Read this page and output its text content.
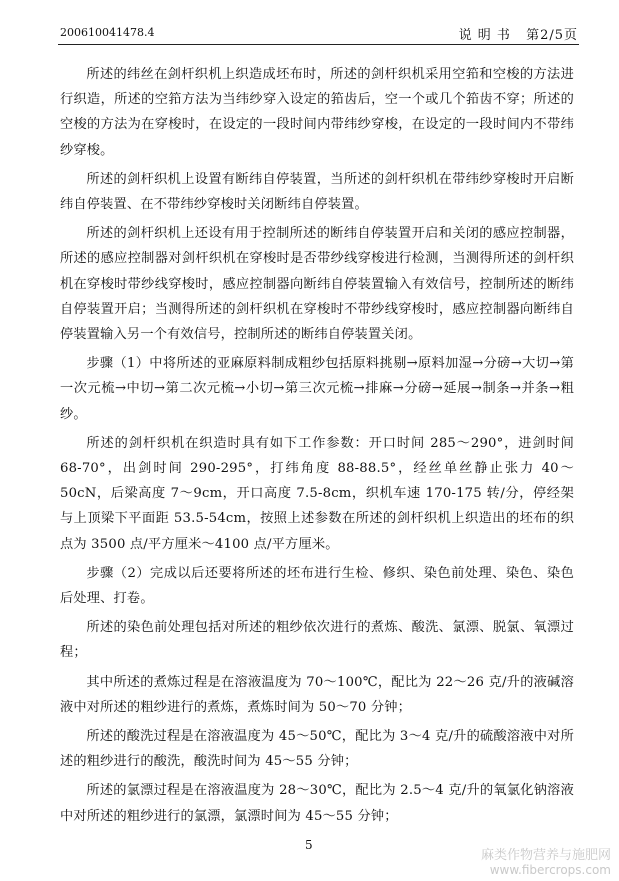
200610041478.4	说 明 书 第2/5页

所述的纬丝在剑杆织机上织造成坯布时，所述的剑杆织机采用空筘和空梭的方法进行织造，所述的空筘方法为当纬纱穿入设定的筘齿后，空一个或几个筘齿不穿；所述的空梭的方法为在穿梭时，在设定的一段时间内带纬纱穿梭，在设定的一段时间内不带纬纱穿梭。

所述的剑杆织机上设置有断纬自停装置，当所述的剑杆织机在带纬纱穿梭时开启断纬自停装置、在不带纬纱穿梭时关闭断纬自停装置。

所述的剑杆织机上还设有用于控制所述的断纬自停装置开启和关闭的感应控制器，所述的感应控制器对剑杆织机在穿梭时是否带纱线穿梭进行检测，当测得所述的剑杆织机在穿梭时带纱线穿梭时，感应控制器向断纬自停装置输入有效信号，控制所述的断纬自停装置开启；当测得所述的剑杆织机在穿梭时不带纱线穿梭时，感应控制器向断纬自停装置输入另一个有效信号，控制所述的断纬自停装置关闭。

步骤（1）中将所述的亚麻原料制成粗纱包括原料挑剔→原料加湿→分磅→大切→第一次元梳→中切→第二次元梳→小切→第三次元梳→排麻→分磅→延展→制条→并条→粗纱。

所述的剑杆织机在织造时具有如下工作参数：开口时间 285～290°，进剑时间 68-70°，出剑时间 290-295°，打纬角度 88-88.5°，经丝单丝静止张力 40～50cN，后梁高度 7～9cm，开口高度 7.5-8cm，织机车速 170-175 转/分，停经架与上顶梁下平面距 53.5-54cm，按照上述参数在所述的剑杆织机上织造出的坯布的织点为 3500 点/平方厘米～4100 点/平方厘米。

步骤（2）完成以后还要将所述的坯布进行生检、修织、染色前处理、染色、染色后处理、打卷。

所述的染色前处理包括对所述的粗纱依次进行的煮炼、酸洗、氯漂、脱氯、氧漂过程；

其中所述的煮炼过程是在溶液温度为 70～100℃，配比为 22～26 克/升的液碱溶液中对所述的粗纱进行的煮炼，煮炼时间为 50～70 分钟；

所述的酸洗过程是在溶液温度为 45～50℃，配比为 3～4 克/升的硫酸溶液中对所述的粗纱进行的酸洗，酸洗时间为 45～55 分钟；

所述的氯漂过程是在溶液温度为 28～30℃，配比为 2.5～4 克/升的氧氯化钠溶液中对所述的粗纱进行的氯漂，氯漂时间为 45～55 分钟；

5
麻类作物营养与施肥网
www.fibercrops.com
